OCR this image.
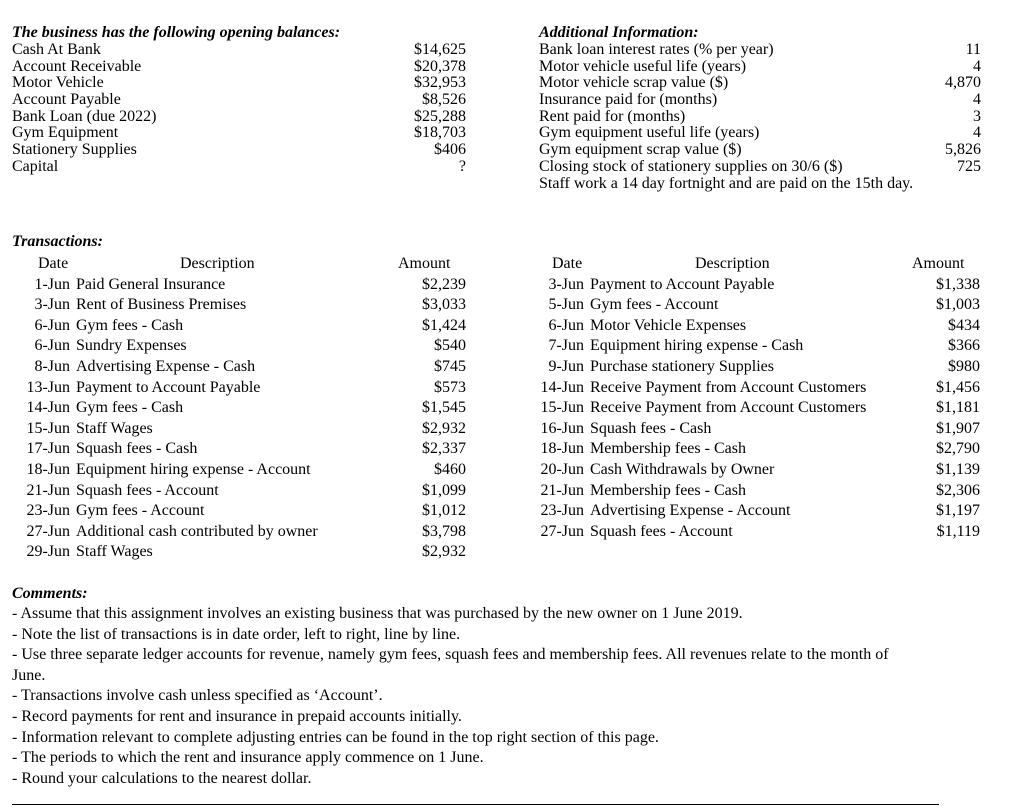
The business has the following opening balances:
Cash At Bank	$14,625
Account Receivable	$20,378
Motor Vehicle	$32,953
Account Payable	$8,526
Bank Loan (due 2022)	$25,288
Gym Equipment	$18,703
Stationery Supplies	$406
Capital	?
Additional Information:
Bank loan interest rates (% per year)	11
Motor vehicle useful life (years)	4
Motor vehicle scrap value ($)	4,870
Insurance paid for (months)	4
Rent paid for (months)	3
Gym equipment useful life (years)	4
Gym equipment scrap value ($)	5,826
Closing stock of stationery supplies on 30/6 ($)	725
Staff work a 14 day fortnight and are paid on the 15th day.
Transactions:
Date	Description	Amount
1-Jun Paid General Insurance	$2,239
3-Jun Rent of Business Premises	$3,033
6-Jun Gym fees - Cash	$1,424
6-Jun Sundry Expenses	$540
8-Jun Advertising Expense - Cash	$745
13-Jun Payment to Account Payable	$573
14-Jun Gym fees - Cash	$1,545
15-Jun Staff Wages	$2,932
17-Jun Squash fees - Cash	$2,337
18-Jun Equipment hiring expense - Account	$460
21-Jun Squash fees - Account	$1,099
23-Jun Gym fees - Account	$1,012
27-Jun Additional cash contributed by owner	$3,798
29-Jun Staff Wages	$2,932
Date	Description	Amount
3-Jun Payment to Account Payable	$1,338
5-Jun Gym fees - Account	$1,003
6-Jun Motor Vehicle Expenses	$434
7-Jun Equipment hiring expense - Cash	$366
9-Jun Purchase stationery Supplies	$980
14-Jun Receive Payment from Account Customers	$1,456
15-Jun Receive Payment from Account Customers	$1,181
16-Jun Squash fees - Cash	$1,907
18-Jun Membership fees - Cash	$2,790
20-Jun Cash Withdrawals by Owner	$1,139
21-Jun Membership fees - Cash	$2,306
23-Jun Advertising Expense - Account	$1,197
27-Jun Squash fees - Account	$1,119
Comments:
- Assume that this assignment involves an existing business that was purchased by the new owner on 1 June 2019.
- Note the list of transactions is in date order, left to right, line by line.
- Use three separate ledger accounts for revenue, namely gym fees, squash fees and membership fees. All revenues relate to the month of
June.
- Transactions involve cash unless specified as ‘Account’.
- Record payments for rent and insurance in prepaid accounts initially.
- Information relevant to complete adjusting entries can be found in the top right section of this page.
- The periods to which the rent and insurance apply commence on 1 June.
- Round your calculations to the nearest dollar.
